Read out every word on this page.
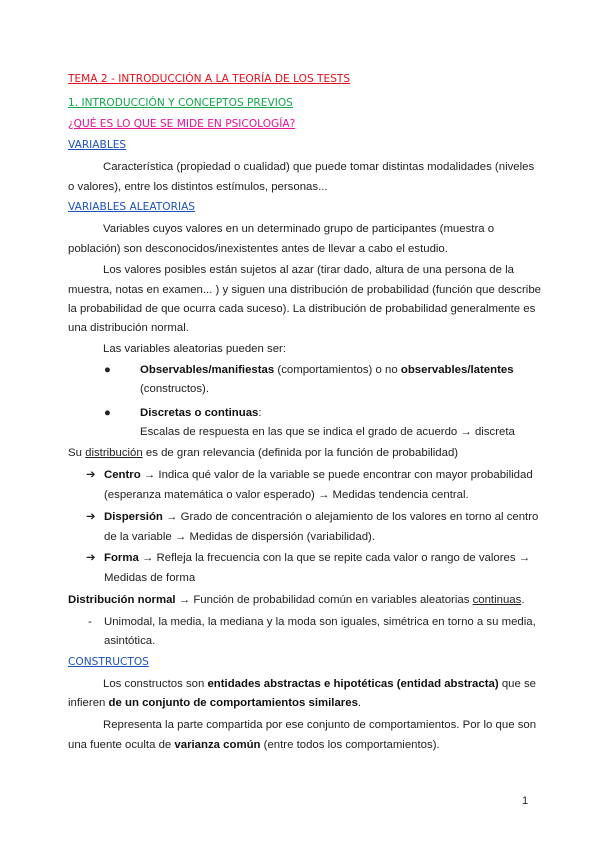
TEMA 2 - INTRODUCCIÓN A LA TEORÍA DE LOS TESTS
1. INTRODUCCIÓN Y CONCEPTOS PREVIOS
¿QUÉ ES LO QUE SE MIDE EN PSICOLOGÍA?
VARIABLES
Característica (propiedad o cualidad) que puede tomar distintas modalidades (niveles
o valores), entre los distintos estímulos, personas...
VARIABLES ALEATORIAS
Variables cuyos valores en un determinado grupo de participantes (muestra o
población) son desconocidos/inexistentes antes de llevar a cabo el estudio.
Los valores posibles están sujetos al azar (tirar dado, altura de una persona de la
muestra, notas en examen... ) y siguen una distribución de probabilidad (función que describe
la probabilidad de que ocurra cada suceso). La distribución de probabilidad generalmente es
una distribución normal.
Las variables aleatorias pueden ser:
●	Observables/manifiestas (comportamientos) o no observables/latentes
(constructos).
●	Discretas o continuas:
Escalas de respuesta en las que se indica el grado de acuerdo → discreta
Su distribución es de gran relevancia (definida por la función de probabilidad)
➔ Centro → Indica qué valor de la variable se puede encontrar con mayor probabilidad
(esperanza matemática o valor esperado) → Medidas tendencia central.
➔ Dispersión → Grado de concentración o alejamiento de los valores en torno al centro
de la variable → Medidas de dispersión (variabilidad).
➔ Forma → Refleja la frecuencia con la que se repite cada valor o rango de valores →
Medidas de forma
Distribución normal → Función de probabilidad común en variables aleatorias continuas.
- Unimodal, la media, la mediana y la moda son iguales, simétrica en torno a su media,
asintótica.
CONSTRUCTOS
Los constructos son entidades abstractas e hipotéticas (entidad abstracta) que se
infieren de un conjunto de comportamientos similares.
Representa la parte compartida por ese conjunto de comportamientos. Por lo que son
una fuente oculta de varianza común (entre todos los comportamientos).
1
